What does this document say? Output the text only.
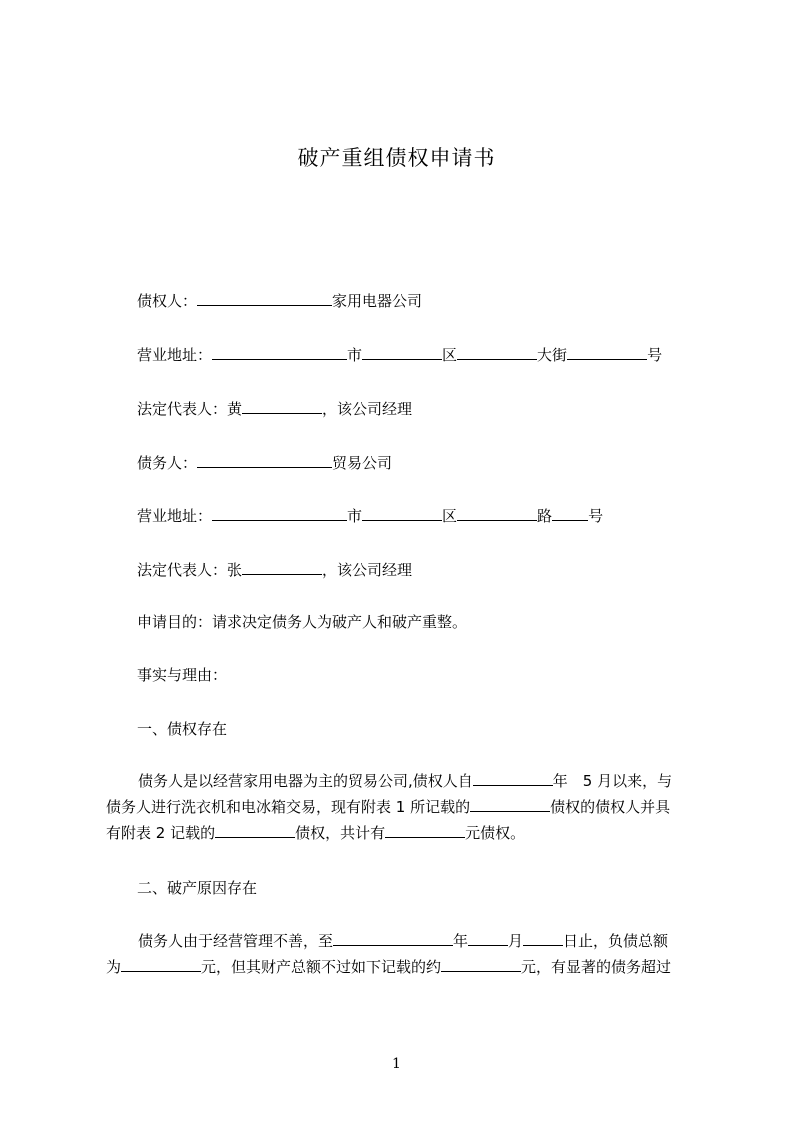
破产重组债权申请书
债权人：	家用电器公司
营业地址：	市	区	大街	号
法定代表人：黄	，该公司经理
债务人：	贸易公司
营业地址：	市	区	路 号
法定代表人：张	，该公司经理
申请目的：请求决定债务人为破产人和破产重整。
事实与理由：
一、债权存在
债务人是以经营家用电器为主的贸易公司,债权人自	年　5 月以来，与
债务人进行洗衣机和电冰箱交易，现有附表 1 所记载的	债权的债权人并具
有附表 2 记载的	债权，共计有	元债权。
二、破产原因存在
债务人由于经营管理不善，至	年	月	日止，负债总额
为	元，但其财产总额不过如下记载的约	元，有显著的债务超过
1
